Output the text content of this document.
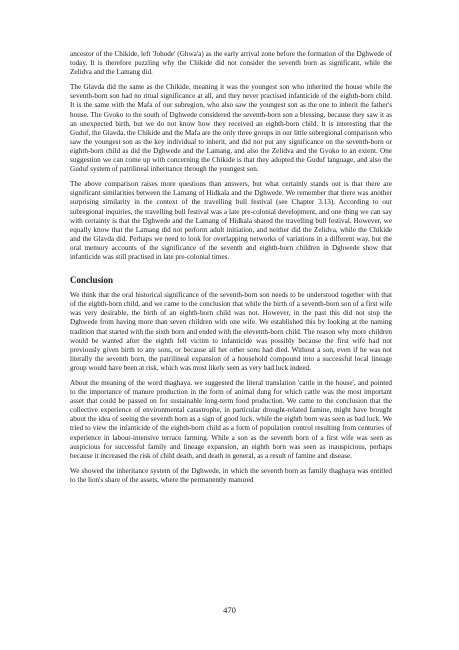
ancestor of the Chikide, left 'Johode' (Ghwa'a) as the early arrival zone before the formation of the Dghwede of today. It is therefore puzzling why the Chikide did not consider the seventh born as significant, while the Zelidva and the Lamang did.

The Glavda did the same as the Chikide, meaning it was the youngest son who inherited the house while the seventh-born son had no ritual significance at all, and they never practised infanticide of the eighth-born child. It is the same with the Mafa of our subregion, who also saw the youngest son as the one to inherit the father's house. The Gvoko to the south of Dghwede considered the seventh-born son a blessing, because they saw it as an unexpected birth, but we do not know how they received an eighth-born child. It is interesting that the Guduf, the Glavda, the Chikide and the Mafa are the only three groups in our little subregional comparison who saw the youngest son as the key individual to inherit, and did not put any significance on the seventh-born or eighth-born child as did the Dghwede and the Lamang, and also the Zelidva and the Gvoko to an extent. One suggestion we can come up with concerning the Chikide is that they adopted the Guduf language, and also the Guduf system of patrilineal inheritance through the youngest son.

The above comparison raises more questions than answers, but what certainly stands out is that there are significant similarities between the Lamang of Hidkala and the Dghwede. We remember that there was another surprising similarity in the context of the travelling bull festival (see Chapter 3.13). According to our subregional inquiries, the travelling bull festival was a late pre-colonial development, and one thing we can say with certainty is that the Dghwede and the Lamang of Hidkala shared the travelling bull festival. However, we equally know that the Lamang did not perform adult initiation, and neither did the Zelidva, while the Chikide and the Glavda did. Perhaps we need to look for overlapping networks of variations in a different way, but the oral memory accounts of the significance of the seventh and eighth-born children in Dghwede show that infanticide was still practised in late pre-colonial times.

Conclusion

We think that the oral historical significance of the seventh-born son needs to be understood together with that of the eighth-born child, and we came to the conclusion that while the birth of a seventh-born son of a first wife was very desirable, the birth of an eighth-born child was not. However, in the past this did not stop the Dghwede from having more than seven children with one wife. We established this by looking at the naming tradition that started with the sixth born and ended with the eleventh-born child. The reason why more children would be wanted after the eighth fell victim to infanticide was possibly because the first wife had not previously given birth to any sons, or because all her other sons had died. Without a son, even if he was not literally the seventh born, the patrilineal expansion of a household compound into a successful local lineage group would have been at risk, which was most likely seen as very bad luck indeed.

About the meaning of the word thaghaya, we suggested the literal translation 'cattle in the house', and pointed to the importance of manure production in the form of animal dung for which cattle was the most important asset that could be passed on for sustainable long-term food production. We came to the conclusion that the collective experience of environmental catastrophe, in particular drought-related famine, might have brought about the idea of seeing the seventh born as a sign of good luck, while the eighth born was seen as bad luck. We tried to view the infanticide of the eighth-born child as a form of population control resulting from centuries of experience in labour-intensive terrace farming. While a son as the seventh born of a first wife was seen as auspicious for successful family and lineage expansion, an eighth born was seen as inauspicious, perhaps because it increased the risk of child death, and death in general, as a result of famine and disease.

We showed the inheritance system of the Dghwede, in which the seventh born as family thaghaya was entitled to the lion's share of the assets, where the permanently manured

470
